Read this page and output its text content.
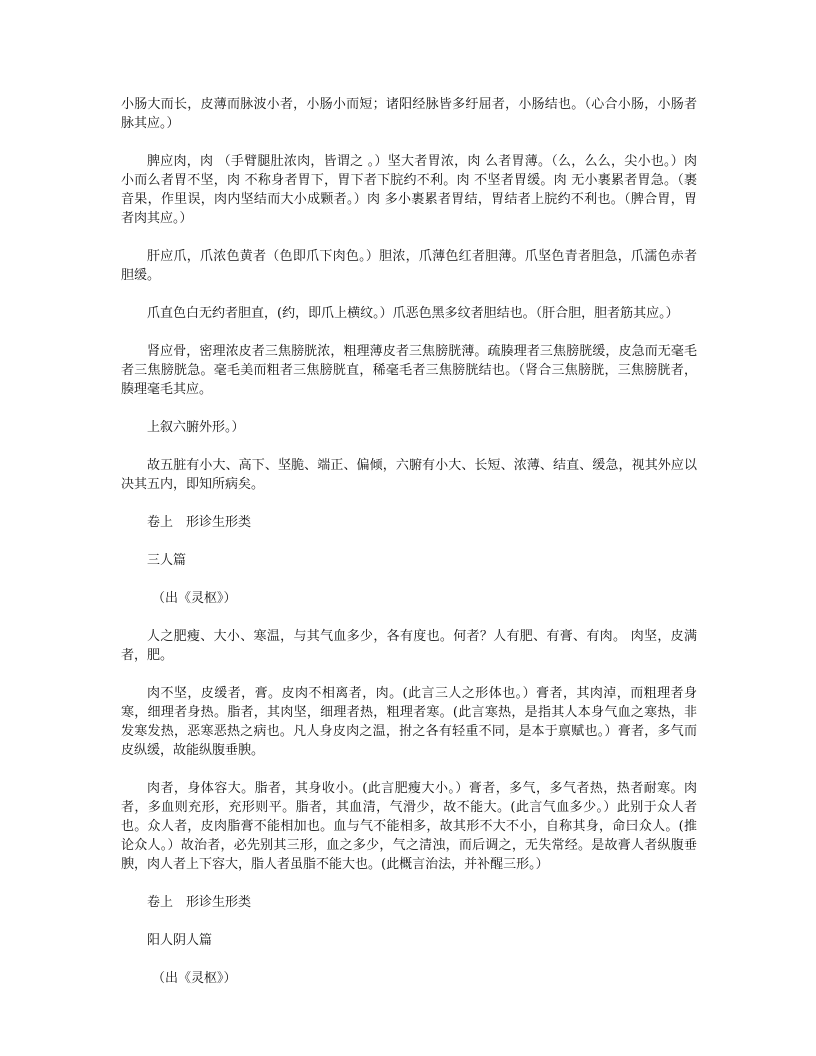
小肠大而长，皮薄而脉波小者，小肠小而短；诸阳经脉皆多纡屈者，小肠结也。（心合小肠，小肠者脉其应。）

脾应肉，肉 （手臂腿肚浓肉，皆谓之 。）坚大者胃浓，肉 么者胃薄。（么，么么，尖小也。）肉小而么者胃不坚，肉 不称身者胃下，胃下者下脘约不利。肉 不坚者胃缓。肉 无小裹累者胃急。（裹音果，作里误，肉内坚结而大小成颗者。）肉 多小裹累者胃结，胃结者上脘约不利也。（脾合胃，胃者肉其应。）

肝应爪，爪浓色黄者（色即爪下肉色。）胆浓，爪薄色红者胆薄。爪坚色青者胆急，爪濡色赤者胆缓。

爪直色白无约者胆直，(约，即爪上横纹。）爪恶色黑多纹者胆结也。（肝合胆，胆者筋其应。）

肾应骨，密理浓皮者三焦膀胱浓，粗理薄皮者三焦膀胱薄。疏腠理者三焦膀胱缓，皮急而无毫毛者三焦膀胱急。毫毛美而粗者三焦膀胱直，稀毫毛者三焦膀胱结也。（肾合三焦膀胱，三焦膀胱者，腠理毫毛其应。

上叙六腑外形。）

故五脏有小大、高下、坚脆、端正、偏倾，六腑有小大、长短、浓薄、结直、缓急，视其外应以决其五内，即知所病矣。

卷上　形诊生形类

三人篇

（出《灵枢》）

人之肥瘦、大小、寒温，与其气血多少，各有度也。何者？人有肥、有膏、有肉。 肉坚，皮满者，肥。

肉不坚，皮缓者，膏。皮肉不相离者，肉。(此言三人之形体也。）膏者，其肉淖，而粗理者身寒，细理者身热。脂者，其肉坚，细理者热，粗理者寒。(此言寒热，是指其人本身气血之寒热，非发寒发热，恶寒恶热之病也。凡人身皮肉之温，拊之各有轻重不同，是本于禀赋也。）膏者，多气而皮纵缓，故能纵腹垂腴。

肉者，身体容大。脂者，其身收小。(此言肥瘦大小。）膏者，多气，多气者热，热者耐寒。肉者，多血则充形，充形则平。脂者，其血清，气滑少，故不能大。(此言气血多少。）此别于众人者也。众人者，皮肉脂膏不能相加也。血与气不能相多，故其形不大不小，自称其身，命曰众人。(推论众人。）故治者，必先别其三形，血之多少，气之清浊，而后调之，无失常经。是故膏人者纵腹垂腴，肉人者上下容大，脂人者虽脂不能大也。(此概言治法，并补醒三形。）

卷上　形诊生形类

阳人阴人篇

（出《灵枢》）
